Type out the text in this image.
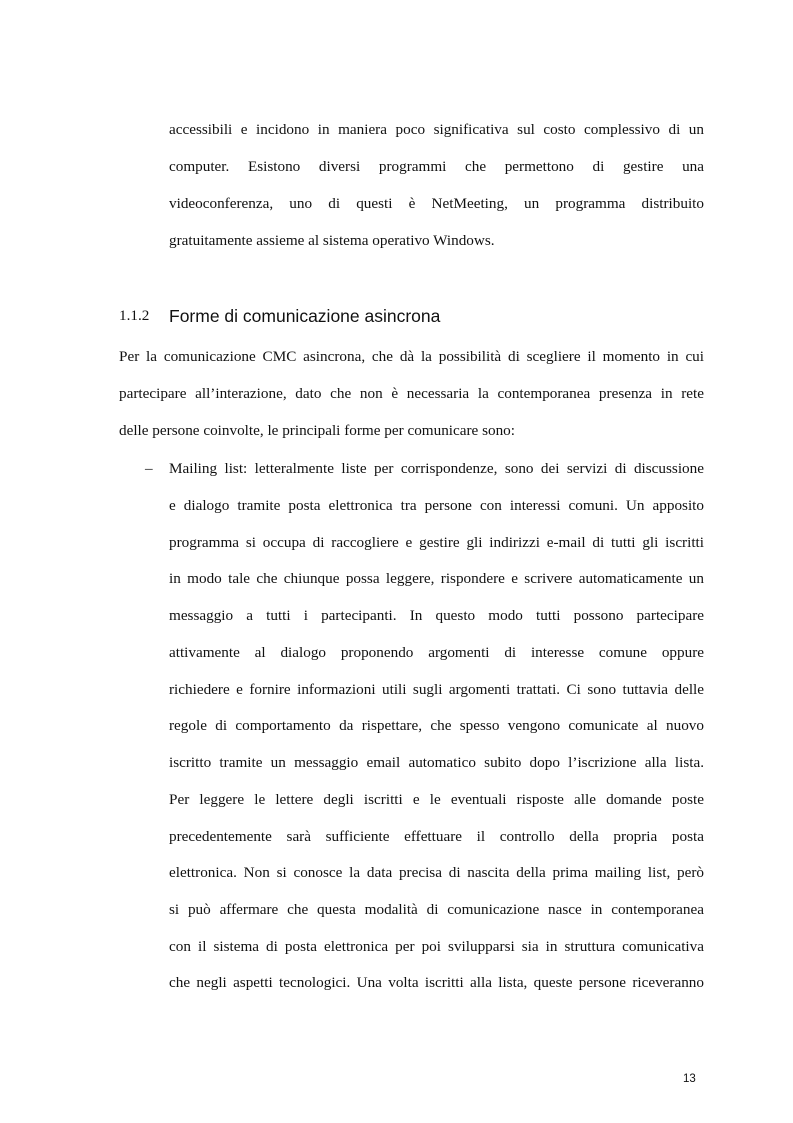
accessibili e incidono in maniera poco significativa sul costo complessivo di un
computer. Esistono diversi programmi che permettono di gestire una
videoconferenza, uno di questi è NetMeeting, un programma distribuito
gratuitamente assieme al sistema operativo Windows.
1.1.2 Forme di comunicazione asincrona
Per la comunicazione CMC asincrona, che dà la possibilità di scegliere il momento in cui
partecipare all’interazione, dato che non è necessaria la contemporanea presenza in rete
delle persone coinvolte, le principali forme per comunicare sono:
– Mailing list: letteralmente liste per corrispondenze, sono dei servizi di discussione
e dialogo tramite posta elettronica tra persone con interessi comuni. Un apposito
programma si occupa di raccogliere e gestire gli indirizzi e-mail di tutti gli iscritti
in modo tale che chiunque possa leggere, rispondere e scrivere automaticamente un
messaggio a tutti i partecipanti. In questo modo tutti possono partecipare
attivamente al dialogo proponendo argomenti di interesse comune oppure
richiedere e fornire informazioni utili sugli argomenti trattati. Ci sono tuttavia delle
regole di comportamento da rispettare, che spesso vengono comunicate al nuovo
iscritto tramite un messaggio email automatico subito dopo l’iscrizione alla lista.
Per leggere le lettere degli iscritti e le eventuali risposte alle domande poste
precedentemente sarà sufficiente effettuare il controllo della propria posta
elettronica. Non si conosce la data precisa di nascita della prima mailing list, però
si può affermare che questa modalità di comunicazione nasce in contemporanea
con il sistema di posta elettronica per poi svilupparsi sia in struttura comunicativa
che negli aspetti tecnologici. Una volta iscritti alla lista, queste persone riceveranno
13
